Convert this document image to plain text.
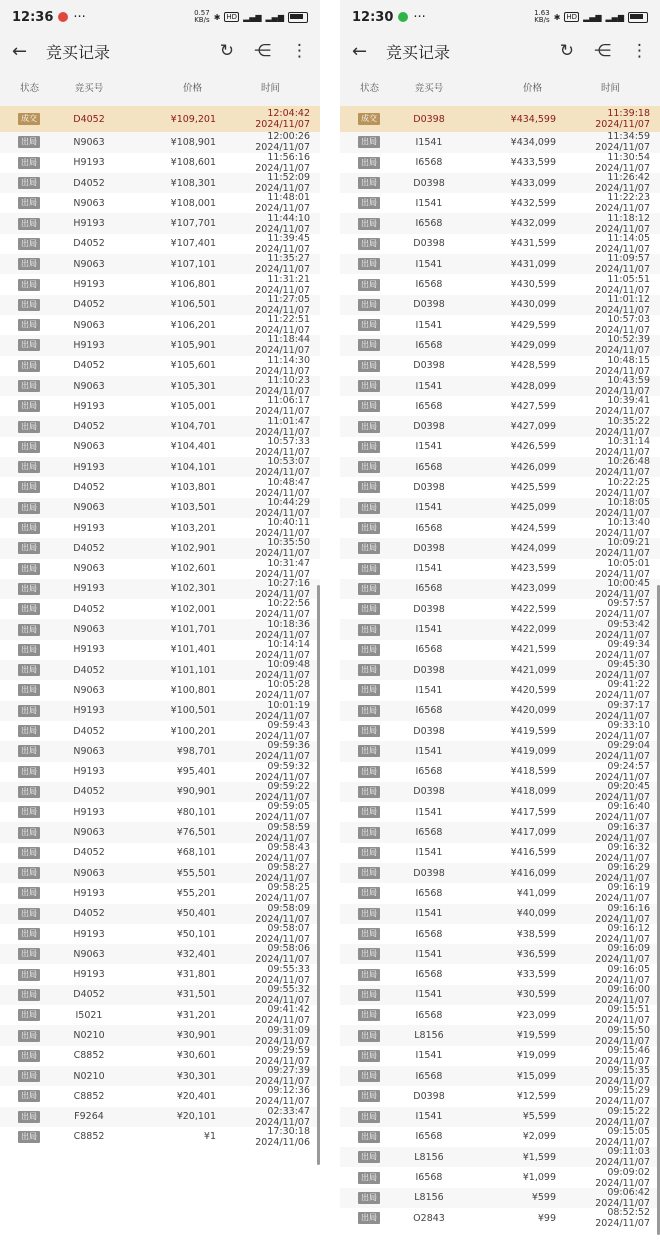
12:36 ···	0.57
KB/s ✱ HD ▂▄▆ ▂▄▆
←	竞买记录	↻ ⋲ ⋮
状态	竞买号	价格	时间
成交	D4052	¥109,201	12:04:42 2024/11/07
出局	N9063	¥108,901	12:00:26 2024/11/07
出局	H9193	¥108,601	11:56:16 2024/11/07
出局	D4052	¥108,301	11:52:09 2024/11/07
出局	N9063	¥108,001	11:48:01 2024/11/07
出局	H9193	¥107,701	11:44:10 2024/11/07
出局	D4052	¥107,401	11:39:45 2024/11/07
出局	N9063	¥107,101	11:35:27 2024/11/07
出局	H9193	¥106,801	11:31:21 2024/11/07
出局	D4052	¥106,501	11:27:05 2024/11/07
出局	N9063	¥106,201	11:22:51 2024/11/07
出局	H9193	¥105,901	11:18:44 2024/11/07
出局	D4052	¥105,601	11:14:30 2024/11/07
出局	N9063	¥105,301	11:10:23 2024/11/07
出局	H9193	¥105,001	11:06:17 2024/11/07
出局	D4052	¥104,701	11:01:47 2024/11/07
出局	N9063	¥104,401	10:57:33 2024/11/07
出局	H9193	¥104,101	10:53:07 2024/11/07
出局	D4052	¥103,801	10:48:47 2024/11/07
出局	N9063	¥103,501	10:44:29 2024/11/07
出局	H9193	¥103,201	10:40:11 2024/11/07
出局	D4052	¥102,901	10:35:50 2024/11/07
出局	N9063	¥102,601	10:31:47 2024/11/07
出局	H9193	¥102,301	10:27:16 2024/11/07
出局	D4052	¥102,001	10:22:56 2024/11/07
出局	N9063	¥101,701	10:18:36 2024/11/07
出局	H9193	¥101,401	10:14:14 2024/11/07
出局	D4052	¥101,101	10:09:48 2024/11/07
出局	N9063	¥100,801	10:05:28 2024/11/07
出局	H9193	¥100,501	10:01:19 2024/11/07
出局	D4052	¥100,201	09:59:43 2024/11/07
出局	N9063	¥98,701	09:59:36 2024/11/07
出局	H9193	¥95,401	09:59:32 2024/11/07
出局	D4052	¥90,901	09:59:22 2024/11/07
出局	H9193	¥80,101	09:59:05 2024/11/07
出局	N9063	¥76,501	09:58:59 2024/11/07
出局	D4052	¥68,101	09:58:43 2024/11/07
出局	N9063	¥55,501	09:58:27 2024/11/07
出局	H9193	¥55,201	09:58:25 2024/11/07
出局	D4052	¥50,401	09:58:09 2024/11/07
出局	H9193	¥50,101	09:58:07 2024/11/07
出局	N9063	¥32,401	09:58:06 2024/11/07
出局	H9193	¥31,801	09:55:33 2024/11/07
出局	D4052	¥31,501	09:55:32 2024/11/07
出局	I5021	¥31,201	09:41:42 2024/11/07
出局	N0210	¥30,901	09:31:09 2024/11/07
出局	C8852	¥30,601	09:29:59 2024/11/07
出局	N0210	¥30,301	09:27:39 2024/11/07
出局	C8852	¥20,401	09:12:36 2024/11/07
出局	F9264	¥20,101	02:33:47 2024/11/07
出局	C8852	¥1	17:30:18 2024/11/06
12:30 ···	1.63
KB/s ✱ HD ▂▄▆ ▂▄▆
←	竞买记录	↻ ⋲ ⋮
状态	竞买号	价格	时间
成交	D0398	¥434,599	11:39:18 2024/11/07
出局	I1541	¥434,099	11:34:59 2024/11/07
出局	I6568	¥433,599	11:30:54 2024/11/07
出局	D0398	¥433,099	11:26:42 2024/11/07
出局	I1541	¥432,599	11:22:23 2024/11/07
出局	I6568	¥432,099	11:18:12 2024/11/07
出局	D0398	¥431,599	11:14:05 2024/11/07
出局	I1541	¥431,099	11:09:57 2024/11/07
出局	I6568	¥430,599	11:05:51 2024/11/07
出局	D0398	¥430,099	11:01:12 2024/11/07
出局	I1541	¥429,599	10:57:03 2024/11/07
出局	I6568	¥429,099	10:52:39 2024/11/07
出局	D0398	¥428,599	10:48:15 2024/11/07
出局	I1541	¥428,099	10:43:59 2024/11/07
出局	I6568	¥427,599	10:39:41 2024/11/07
出局	D0398	¥427,099	10:35:22 2024/11/07
出局	I1541	¥426,599	10:31:14 2024/11/07
出局	I6568	¥426,099	10:26:48 2024/11/07
出局	D0398	¥425,599	10:22:25 2024/11/07
出局	I1541	¥425,099	10:18:05 2024/11/07
出局	I6568	¥424,599	10:13:40 2024/11/07
出局	D0398	¥424,099	10:09:21 2024/11/07
出局	I1541	¥423,599	10:05:01 2024/11/07
出局	I6568	¥423,099	10:00:45 2024/11/07
出局	D0398	¥422,599	09:57:57 2024/11/07
出局	I1541	¥422,099	09:53:42 2024/11/07
出局	I6568	¥421,599	09:49:34 2024/11/07
出局	D0398	¥421,099	09:45:30 2024/11/07
出局	I1541	¥420,599	09:41:22 2024/11/07
出局	I6568	¥420,099	09:37:17 2024/11/07
出局	D0398	¥419,599	09:33:10 2024/11/07
出局	I1541	¥419,099	09:29:04 2024/11/07
出局	I6568	¥418,599	09:24:57 2024/11/07
出局	D0398	¥418,099	09:20:45 2024/11/07
出局	I1541	¥417,599	09:16:40 2024/11/07
出局	I6568	¥417,099	09:16:37 2024/11/07
出局	I1541	¥416,599	09:16:32 2024/11/07
出局	D0398	¥416,099	09:16:29 2024/11/07
出局	I6568	¥41,099	09:16:19 2024/11/07
出局	I1541	¥40,099	09:16:16 2024/11/07
出局	I6568	¥38,599	09:16:12 2024/11/07
出局	I1541	¥36,599	09:16:09 2024/11/07
出局	I6568	¥33,599	09:16:05 2024/11/07
出局	I1541	¥30,599	09:16:00 2024/11/07
出局	I6568	¥23,099	09:15:51 2024/11/07
出局	L8156	¥19,599	09:15:50 2024/11/07
出局	I1541	¥19,099	09:15:46 2024/11/07
出局	I6568	¥15,099	09:15:35 2024/11/07
出局	D0398	¥12,599	09:15:29 2024/11/07
出局	I1541	¥5,599	09:15:22 2024/11/07
出局	I6568	¥2,099	09:15:05 2024/11/07
出局	L8156	¥1,599	09:11:03 2024/11/07
出局	I6568	¥1,099	09:09:02 2024/11/07
出局	L8156	¥599	09:06:42 2024/11/07
出局	O2843	¥99	08:52:52 2024/11/07
